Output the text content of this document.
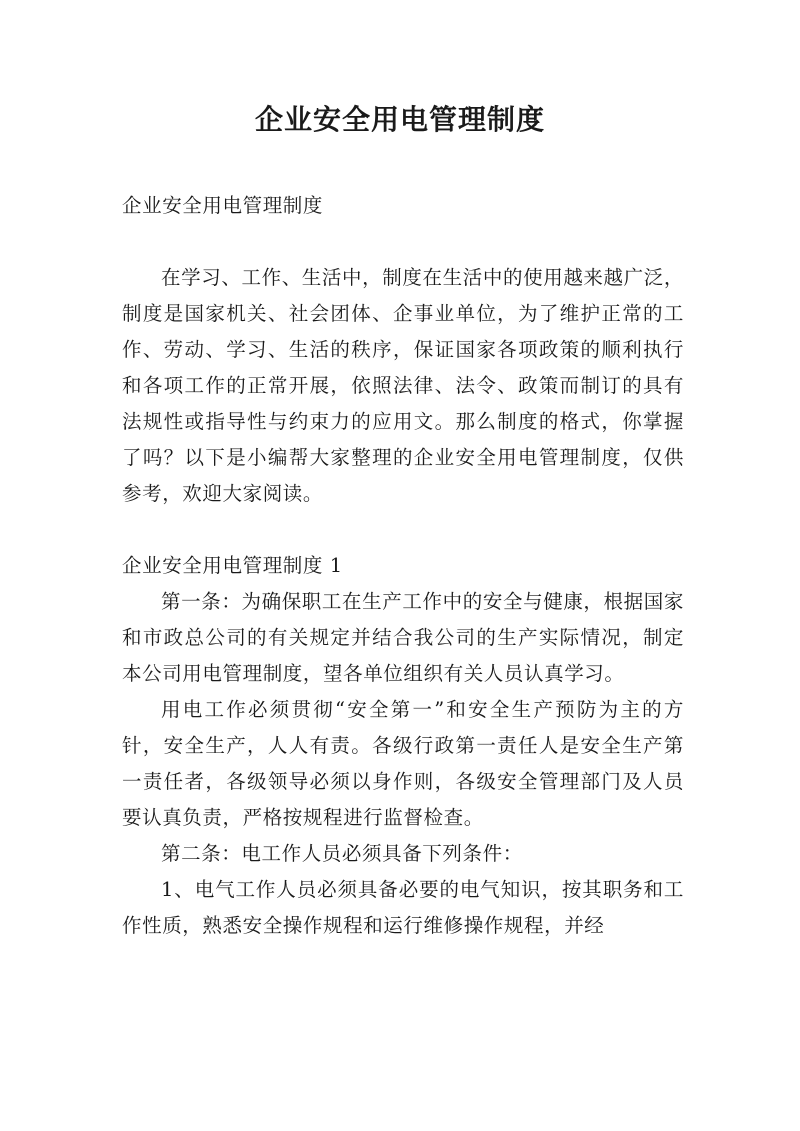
企业安全用电管理制度

企业安全用电管理制度

在学习、工作、生活中，制度在生活中的使用越来越广泛，制度是国家机关、社会团体、企事业单位，为了维护正常的工作、劳动、学习、生活的秩序，保证国家各项政策的顺利执行和各项工作的正常开展，依照法律、法令、政策而制订的具有法规性或指导性与约束力的应用文。那么制度的格式，你掌握了吗？以下是小编帮大家整理的企业安全用电管理制度，仅供参考，欢迎大家阅读。

企业安全用电管理制度 1

第一条：为确保职工在生产工作中的安全与健康，根据国家和市政总公司的有关规定并结合我公司的生产实际情况，制定本公司用电管理制度，望各单位组织有关人员认真学习。

用电工作必须贯彻“安全第一”和安全生产预防为主的方针，安全生产，人人有责。各级行政第一责任人是安全生产第一责任者，各级领导必须以身作则，各级安全管理部门及人员要认真负责，严格按规程进行监督检查。

第二条：电工作人员必须具备下列条件：

1、电气工作人员必须具备必要的电气知识，按其职务和工作性质，熟悉安全操作规程和运行维修操作规程，并经
